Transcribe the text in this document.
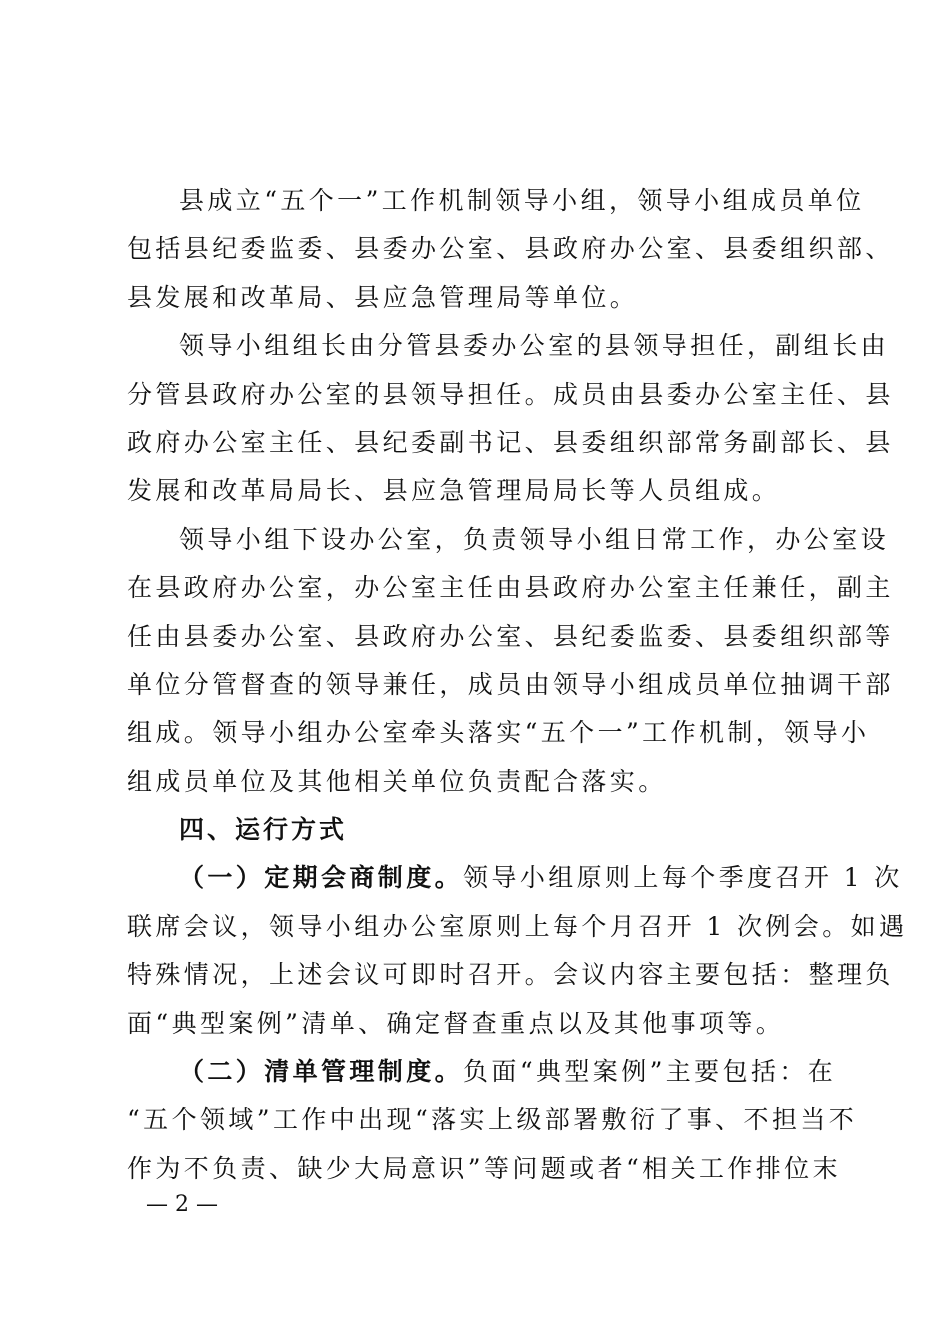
县成立“五个一”工作机制领导小组，领导小组成员单位
包括县纪委监委、县委办公室、县政府办公室、县委组织部、
县发展和改革局、县应急管理局等单位。
领导小组组长由分管县委办公室的县领导担任，副组长由
分管县政府办公室的县领导担任。成员由县委办公室主任、县
政府办公室主任、县纪委副书记、县委组织部常务副部长、县
发展和改革局局长、县应急管理局局长等人员组成。
领导小组下设办公室，负责领导小组日常工作，办公室设
在县政府办公室，办公室主任由县政府办公室主任兼任，副主
任由县委办公室、县政府办公室、县纪委监委、县委组织部等
单位分管督查的领导兼任，成员由领导小组成员单位抽调干部
组成。领导小组办公室牵头落实“五个一”工作机制，领导小
组成员单位及其他相关单位负责配合落实。
四、运行方式
（一）定期会商制度。领导小组原则上每个季度召开 1 次
联席会议，领导小组办公室原则上每个月召开 1 次例会。如遇
特殊情况，上述会议可即时召开。会议内容主要包括：整理负
面“典型案例”清单、确定督查重点以及其他事项等。
（二）清单管理制度。负面“典型案例”主要包括：在
“五个领域”工作中出现“落实上级部署敷衍了事、不担当不
作为不负责、缺少大局意识”等问题或者“相关工作排位末
— 2 —
